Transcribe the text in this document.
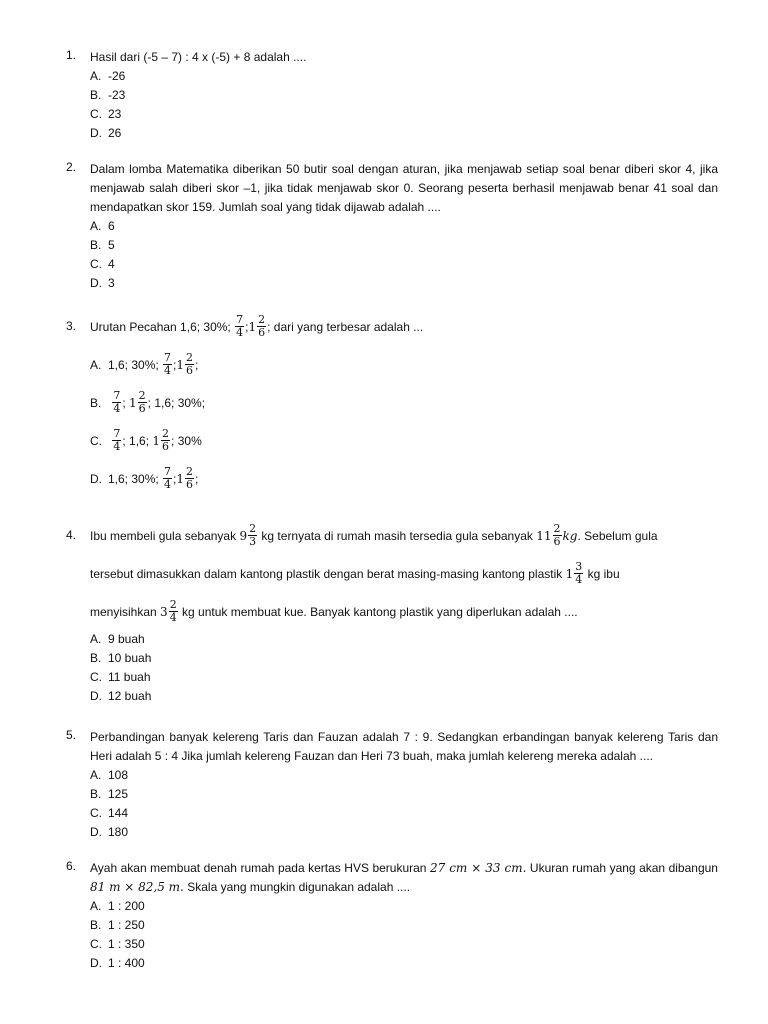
1.	Hasil dari (-5 – 7) : 4 x (-5) + 8 adalah ....
A. -26
B. -23
C. 23
D. 26
2.	Dalam lomba Matematika diberikan 50 butir soal dengan aturan, jika menjawab setiap soal benar diberi skor 4, jika menjawab salah diberi skor –1, jika tidak menjawab skor 0. Seorang peserta berhasil menjawab benar 41 soal dan mendapatkan skor 159. Jumlah soal yang tidak dijawab adalah ....
A. 6
B. 5
C. 4
D. 3
3.	Urutan Pecahan 1,6; 30%; $\frac{7}{4}$ ;1 $\frac{2}{6}$ ; dari yang terbesar adalah ...
A. 1,6; 30%; $\frac{7}{4}$ ;1 $\frac{2}{6}$ ;
B. $\frac{7}{4}$ ; $1 \frac{2}{6}$ ; 1,6; 30%;
C. $\frac{7}{4}$ ; 1,6; $1 \frac{2}{6}$ ; 30%
D. 1,6; 30%; $\frac{7}{4}$ ;1 $\frac{2}{6}$ ;
4.	Ibu membeli gula sebanyak $9 \frac{2}{3}$ kg ternyata di rumah masih tersedia gula sebanyak $11 \frac{2}{6}$ kg. Sebelum gula
tersebut dimasukkan dalam kantong plastik dengan berat masing-masing kantong plastik $1 \frac{3}{4}$ kg ibu
menyisihkan $3 \frac{2}{4}$ kg untuk membuat kue. Banyak kantong plastik yang diperlukan adalah ....
A. 9 buah
B. 10 buah
C. 11 buah
D. 12 buah
5.	Perbandingan banyak kelereng Taris dan Fauzan adalah 7 : 9. Sedangkan erbandingan banyak kelereng Taris dan Heri adalah 5 : 4 Jika jumlah kelereng Fauzan dan Heri 73 buah, maka jumlah kelereng mereka adalah ....
A. 108
B. 125
C. 144
D. 180
6.	Ayah akan membuat denah rumah pada kertas HVS berukuran 27 cm × 33 cm. Ukuran rumah yang akan dibangun 81 m × 82,5 m. Skala yang mungkin digunakan adalah ....
A. 1 : 200
B. 1 : 250
C. 1 : 350
D. 1 : 400
